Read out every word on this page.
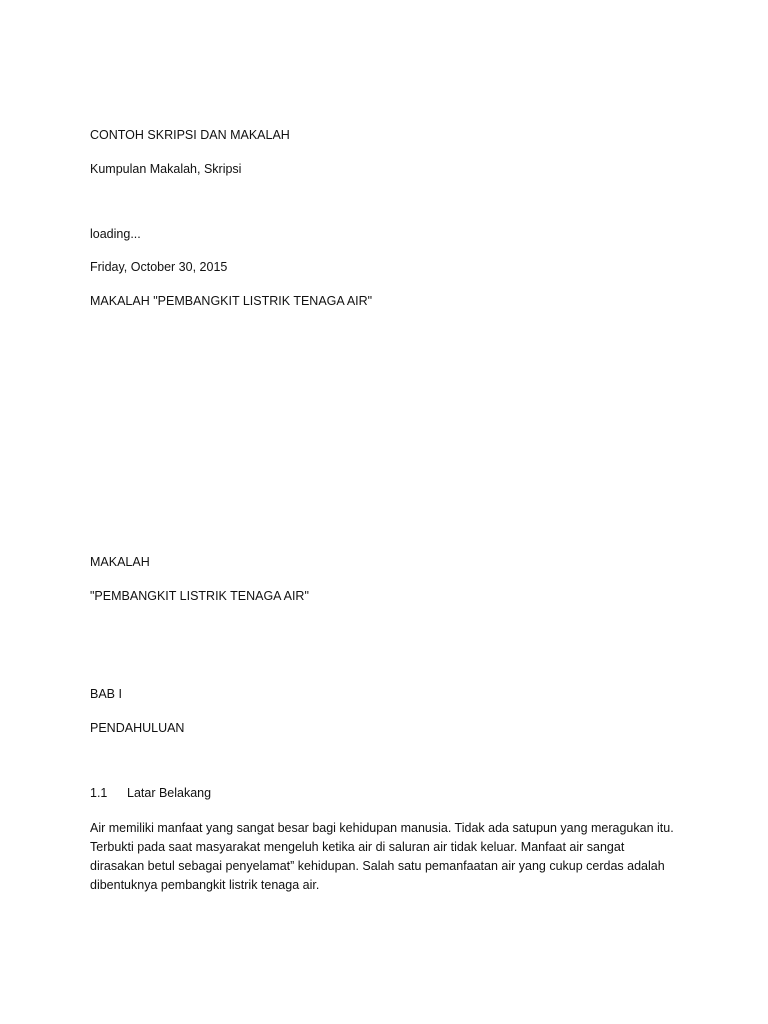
CONTOH SKRIPSI DAN MAKALAH

Kumpulan Makalah, Skripsi

loading...

Friday, October 30, 2015

MAKALAH "PEMBANGKIT LISTRIK TENAGA AIR"

MAKALAH

"PEMBANGKIT LISTRIK TENAGA AIR"

BAB I

PENDAHULUAN

1.1 Latar Belakang

Air memiliki manfaat yang sangat besar bagi kehidupan manusia. Tidak ada satupun yang meragukan itu.
Terbukti pada saat masyarakat mengeluh ketika air di saluran air tidak keluar. Manfaat air sangat
dirasakan betul sebagai penyelamat” kehidupan. Salah satu pemanfaatan air yang cukup cerdas adalah
dibentuknya pembangkit listrik tenaga air.
